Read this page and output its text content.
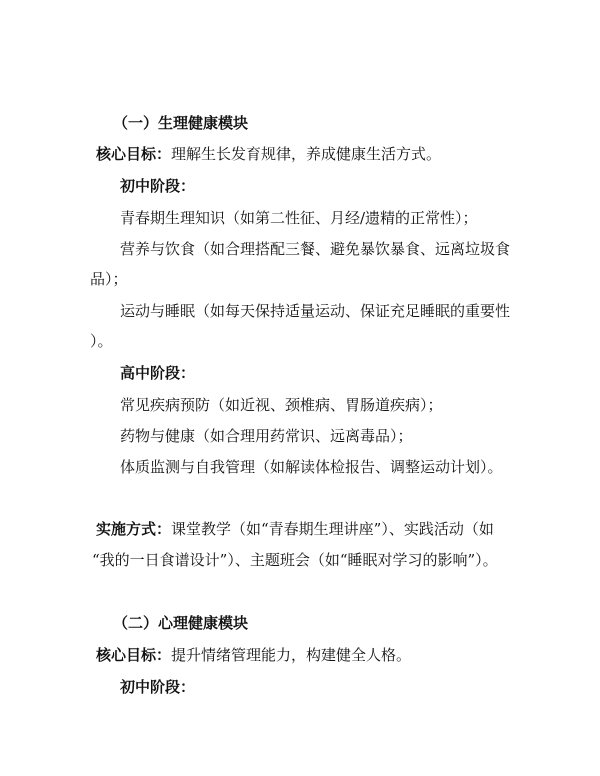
（一）生理健康模块
核心目标：理解生长发育规律，养成健康生活方式。
初中阶段：
青春期生理知识（如第二性征、月经/遗精的正常性）；
营养与饮食（如合理搭配三餐、避免暴饮暴食、远离垃圾食
品）；
运动与睡眠（如每天保持适量运动、保证充足睡眠的重要性
）。
高中阶段：
常见疾病预防（如近视、颈椎病、胃肠道疾病）；
药物与健康（如合理用药常识、远离毒品）；
体质监测与自我管理（如解读体检报告、调整运动计划）。
实施方式：课堂教学（如“青春期生理讲座”）、实践活动（如
“我的一日食谱设计”）、主题班会（如“睡眠对学习的影响”）。
（二）心理健康模块
核心目标：提升情绪管理能力，构建健全人格。
初中阶段：
